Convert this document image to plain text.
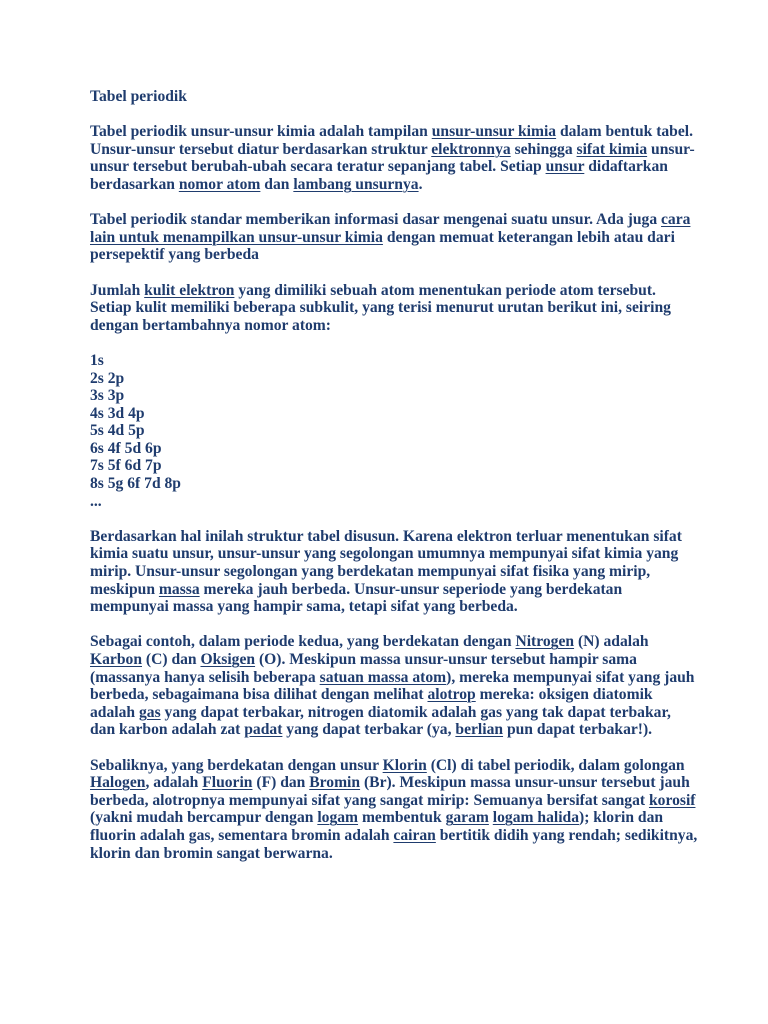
Tabel periodik
Tabel periodik unsur-unsur kimia adalah tampilan unsur-unsur kimia dalam bentuk tabel.
Unsur-unsur tersebut diatur berdasarkan struktur elektronnya sehingga sifat kimia unsur-
unsur tersebut berubah-ubah secara teratur sepanjang tabel. Setiap unsur didaftarkan
berdasarkan nomor atom dan lambang unsurnya.
Tabel periodik standar memberikan informasi dasar mengenai suatu unsur. Ada juga cara
lain untuk menampilkan unsur-unsur kimia dengan memuat keterangan lebih atau dari
persepektif yang berbeda
Jumlah kulit elektron yang dimiliki sebuah atom menentukan periode atom tersebut.
Setiap kulit memiliki beberapa subkulit, yang terisi menurut urutan berikut ini, seiring
dengan bertambahnya nomor atom:
1s
2s 2p
3s 3p
4s 3d 4p
5s 4d 5p
6s 4f 5d 6p
7s 5f 6d 7p
8s 5g 6f 7d 8p
...
Berdasarkan hal inilah struktur tabel disusun. Karena elektron terluar menentukan sifat
kimia suatu unsur, unsur-unsur yang segolongan umumnya mempunyai sifat kimia yang
mirip. Unsur-unsur segolongan yang berdekatan mempunyai sifat fisika yang mirip,
meskipun massa mereka jauh berbeda. Unsur-unsur seperiode yang berdekatan
mempunyai massa yang hampir sama, tetapi sifat yang berbeda.
Sebagai contoh, dalam periode kedua, yang berdekatan dengan Nitrogen (N) adalah
Karbon (C) dan Oksigen (O). Meskipun massa unsur-unsur tersebut hampir sama
(massanya hanya selisih beberapa satuan massa atom), mereka mempunyai sifat yang jauh
berbeda, sebagaimana bisa dilihat dengan melihat alotrop mereka: oksigen diatomik
adalah gas yang dapat terbakar, nitrogen diatomik adalah gas yang tak dapat terbakar,
dan karbon adalah zat padat yang dapat terbakar (ya, berlian pun dapat terbakar!).
Sebaliknya, yang berdekatan dengan unsur Klorin (Cl) di tabel periodik, dalam golongan
Halogen, adalah Fluorin (F) dan Bromin (Br). Meskipun massa unsur-unsur tersebut jauh
berbeda, alotropnya mempunyai sifat yang sangat mirip: Semuanya bersifat sangat korosif
(yakni mudah bercampur dengan logam membentuk garam logam halida); klorin dan
fluorin adalah gas, sementara bromin adalah cairan bertitik didih yang rendah; sedikitnya,
klorin dan bromin sangat berwarna.
